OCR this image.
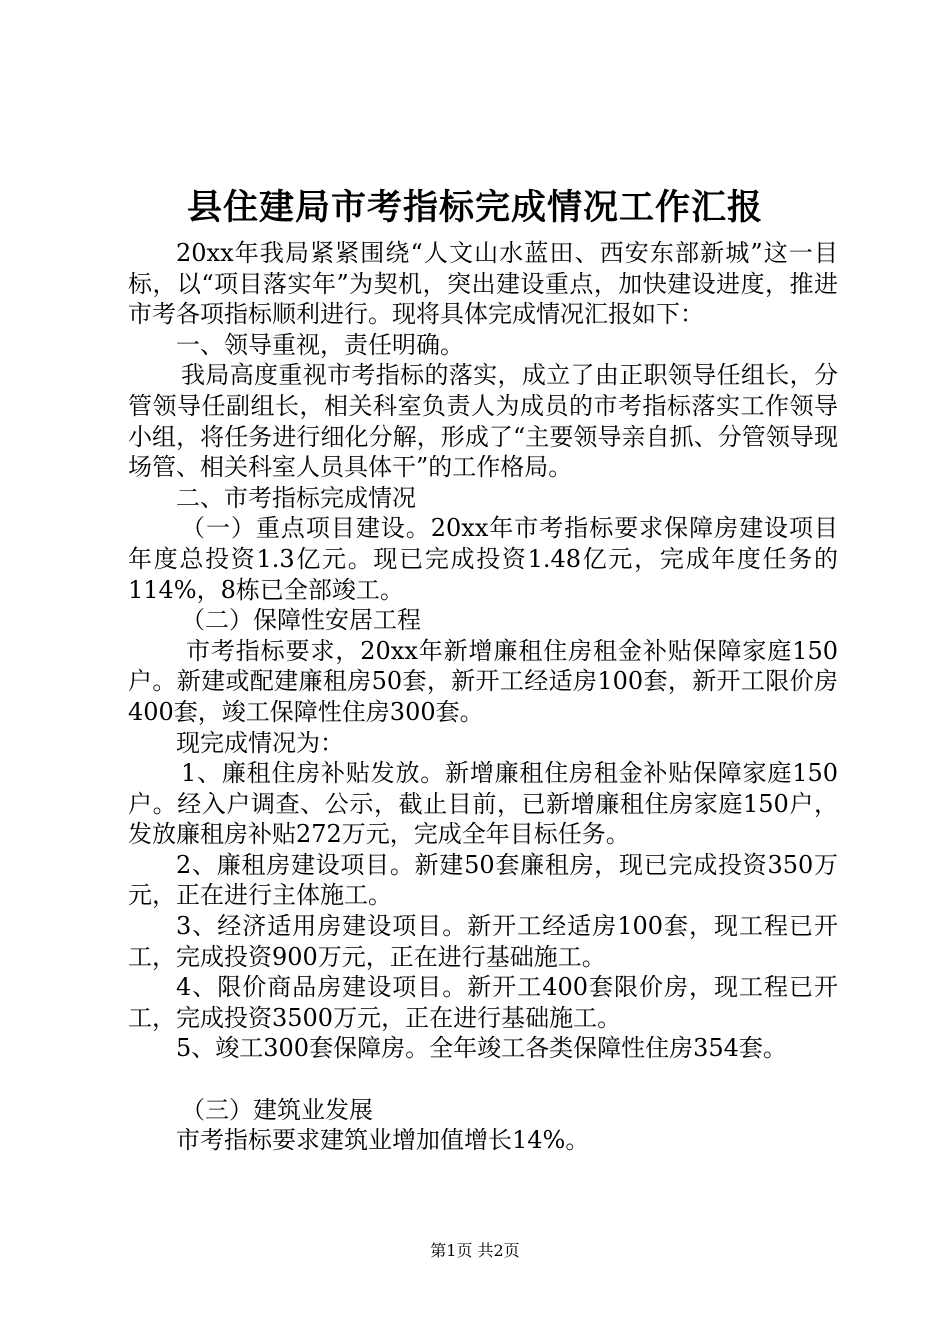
县住建局市考指标完成情况工作汇报

20xx年我局紧紧围绕“人文山水蓝田、西安东部新城”这一目标，以“项目落实年”为契机，突出建设重点，加快建设进度，推进市考各项指标顺利进行。现将具体完成情况汇报如下：

一、领导重视，责任明确。

我局高度重视市考指标的落实，成立了由正职领导任组长，分管领导任副组长，相关科室负责人为成员的市考指标落实工作领导小组，将任务进行细化分解，形成了“主要领导亲自抓、分管领导现场管、相关科室人员具体干”的工作格局。

二、市考指标完成情况

（一）重点项目建设。20xx年市考指标要求保障房建设项目年度总投资1.3亿元。现已完成投资1.48亿元，完成年度任务的114%，8栋已全部竣工。

（二）保障性安居工程

市考指标要求，20xx年新增廉租住房租金补贴保障家庭150户。新建或配建廉租房50套，新开工经适房100套，新开工限价房400套，竣工保障性住房300套。

现完成情况为：

1、廉租住房补贴发放。新增廉租住房租金补贴保障家庭150户。经入户调查、公示，截止目前，已新增廉租住房家庭150户，发放廉租房补贴272万元，完成全年目标任务。

2、廉租房建设项目。新建50套廉租房，现已完成投资350万元，正在进行主体施工。

3、经济适用房建设项目。新开工经适房100套，现工程已开工，完成投资900万元，正在进行基础施工。

4、限价商品房建设项目。新开工400套限价房，现工程已开工，完成投资3500万元，正在进行基础施工。

5、竣工300套保障房。全年竣工各类保障性住房354套。

（三）建筑业发展

市考指标要求建筑业增加值增长14%。

第1页 共2页
